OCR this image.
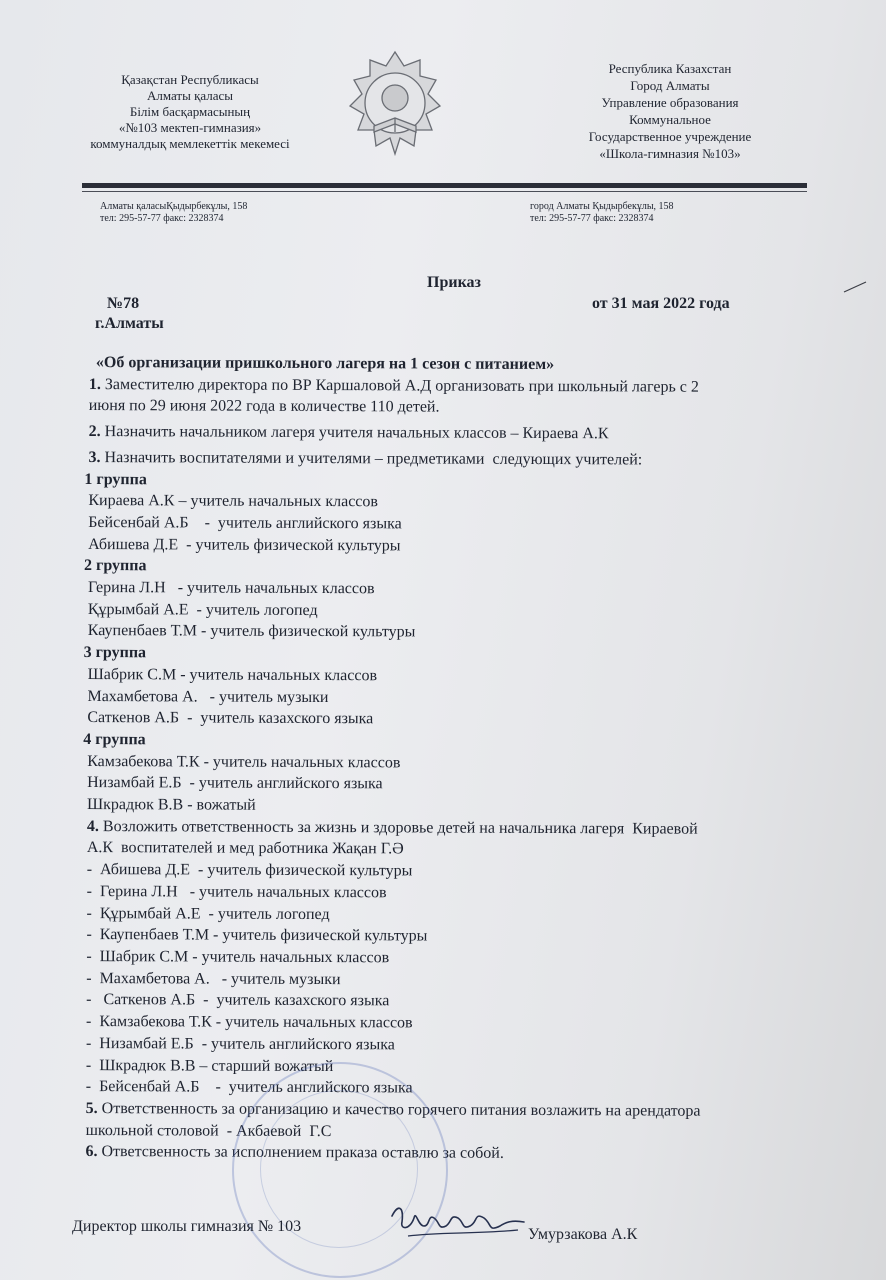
Қазақстан Республикасы
Алматы қаласы
Білім басқармасының
«№103 мектеп-гимназия»
коммуналдық мемлекеттік мекемесі
Республика Казахстан
Город Алматы
Управление образования
Коммунальное
Государственное учреждение
«Школа-гимназия №103»
Алматы қаласыҚыдырбекұлы, 158
тел: 295-57-77 факс: 2328374
город Алматы Қыдырбекұлы, 158
тел: 295-57-77 факс: 2328374
Приказ
№78	от 31 мая 2022 года
г.Алматы
«Об организации пришкольного лагеря на 1 сезон с питанием»
1. Заместителю директора по ВР Каршаловой А.Д организовать при школьный лагерь с 2
июня по 29 июня 2022 года в количестве 110 детей.
2. Назначить начальником лагеря учителя начальных классов – Кираева А.К
3. Назначить воспитателями и учителями – предметиками  следующих учителей:
1 группа
Кираева А.К – учитель начальных классов
Бейсенбай А.Б    -  учитель английского языка
Абишева Д.Е  - учитель физической культуры
2 группа
Герина Л.Н   - учитель начальных классов
Құрымбай А.Е  - учитель логопед
Каупенбаев Т.М - учитель физической культуры
3 группа
Шабрик С.М - учитель начальных классов
Махамбетова А.   - учитель музыки
Саткенов А.Б  -  учитель казахского языка
4 группа
Камзабекова Т.К - учитель начальных классов
Низамбай Е.Б  - учитель английского языка
Шкрадюк В.В - вожатый
4. Возложить ответственность за жизнь и здоровье детей на начальника лагеря  Кираевой
А.К  воспитателей и мед работника Жақан Г.Ә
-  Абишева Д.Е  - учитель физической культуры
-  Герина Л.Н   - учитель начальных классов
-  Құрымбай А.Е  - учитель логопед
-  Каупенбаев Т.М - учитель физической культуры
-  Шабрик С.М - учитель начальных классов
-  Махамбетова А.   - учитель музыки
-   Саткенов А.Б  -  учитель казахского языка
-  Камзабекова Т.К - учитель начальных классов
-  Низамбай Е.Б  - учитель английского языка
-  Шкрадюк В.В – старший вожатый
-  Бейсенбай А.Б    -  учитель английского языка
5. Ответственность за организацию и качество горячего питания возлажить на арендатора
школьной столовой  - Акбаевой  Г.С
6. Ответсвенность за исполнением праказа оставлю за собой.
Директор школы гимназия № 103	Умурзакова А.К
